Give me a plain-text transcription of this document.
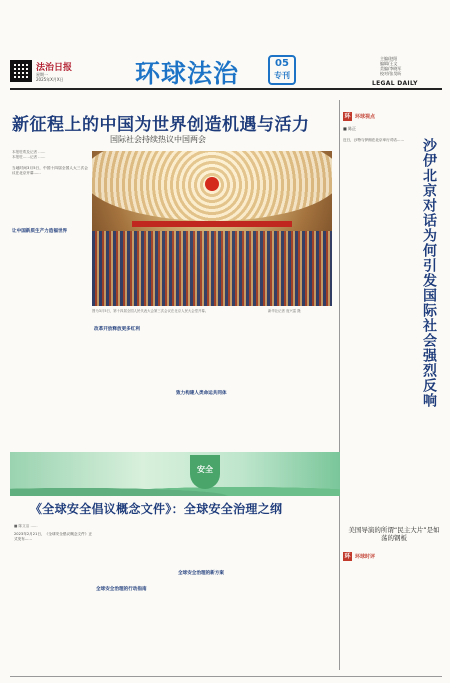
法治日报
星期一
2025年X月X日	环球法治	05
专刊
主编/赵阳
编辑/王文
美编/李晓军
校对/张昊昕
LEGAL DAILY
新征程上的中国为世界创造机遇与活力
国际社会持续热议中国两会
本报驻埃及记者 ……
本报驻……记者 ……
当地时间3月5日，中国十四届全国人大三次会议在北京开幕……
让中国新质生产力造福世界
图为3月5日，第十四届全国人民代表大会第三次会议在北京人民大会堂开幕。	新华社记者 庞兴雷 摄
改革开放释放更多红利
致力构建人类命运共同体
环 环球视点
■ 陈正
近日，沙特与伊朗在北京举行对话……	沙伊北京对话为何引发国际社会强烈反响
美国导演的所谓“民主大片”是如荡的钢板
环 环球时评
安全
《全球安全倡议概念文件》：全球安全治理之纲
■ 陈文洁 ……
2023年2月21日，《全球安全倡议概念文件》正式发布……
全球安全治理的行动指南
全球安全治理的新方案
